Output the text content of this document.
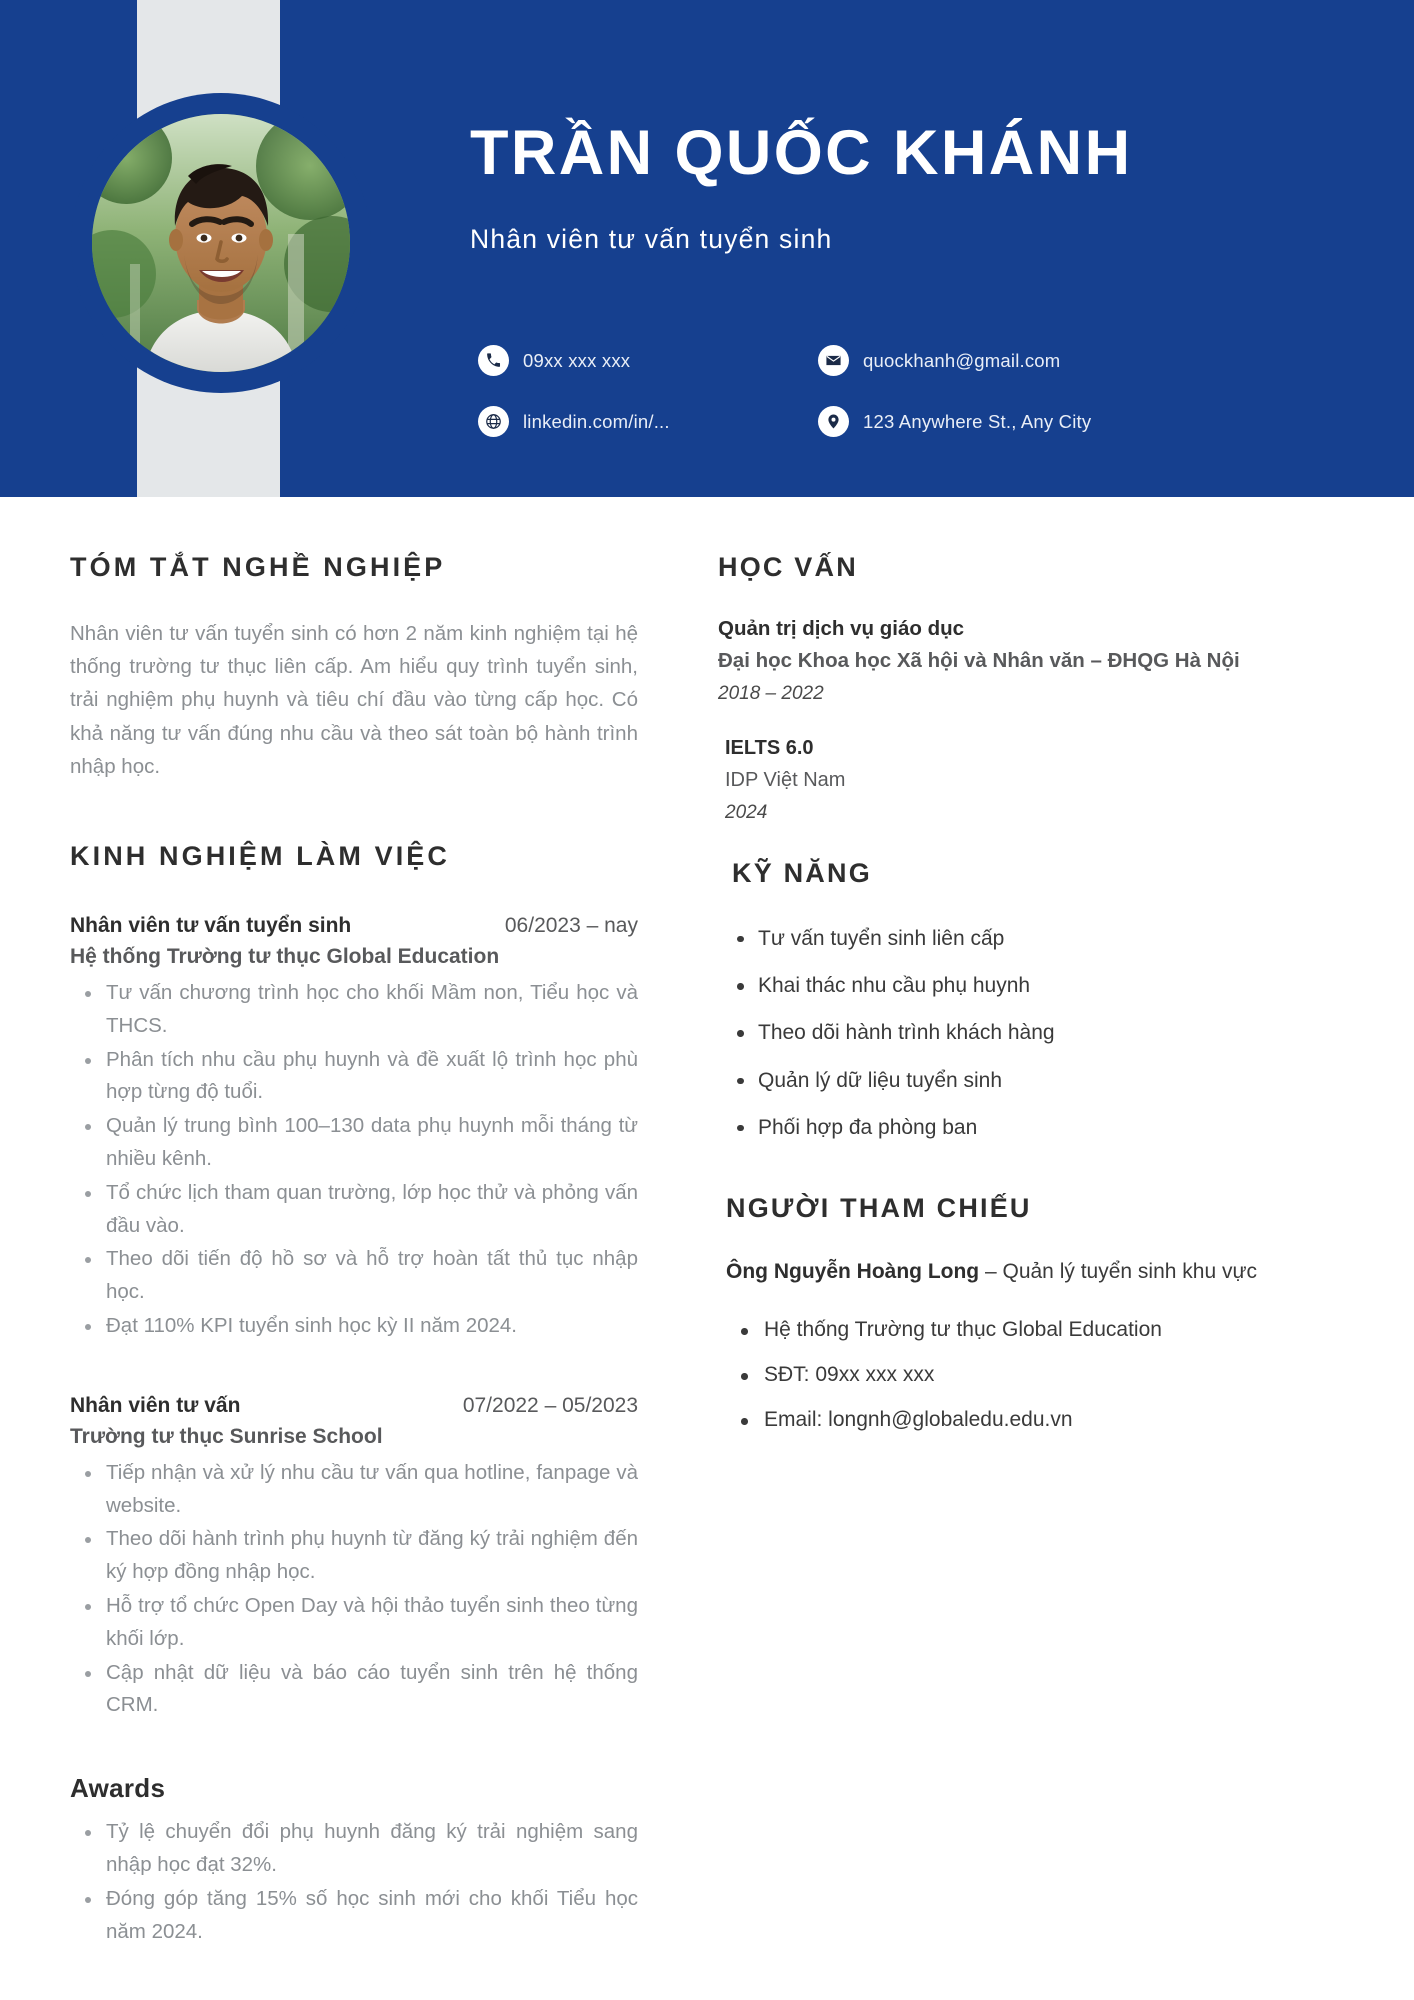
TRẦN QUỐC KHÁNH
Nhân viên tư vấn tuyển sinh
09xx xxx xxx	quockhanh@gmail.com
linkedin.com/in/...	123 Anywhere St., Any City
TÓM TẮT NGHỀ NGHIỆP
Nhân viên tư vấn tuyển sinh có hơn 2 năm kinh nghiệm tại hệ thống trường tư thục liên cấp. Am hiểu quy trình tuyển sinh, trải nghiệm phụ huynh và tiêu chí đầu vào từng cấp học. Có khả năng tư vấn đúng nhu cầu và theo sát toàn bộ hành trình nhập học.
KINH NGHIỆM LÀM VIỆC
Nhân viên tư vấn tuyển sinh	06/2023 – nay
Hệ thống Trường tư thục Global Education
Tư vấn chương trình học cho khối Mầm non, Tiểu học và THCS.
Phân tích nhu cầu phụ huynh và đề xuất lộ trình học phù hợp từng độ tuổi.
Quản lý trung bình 100–130 data phụ huynh mỗi tháng từ nhiều kênh.
Tổ chức lịch tham quan trường, lớp học thử và phỏng vấn đầu vào.
Theo dõi tiến độ hồ sơ và hỗ trợ hoàn tất thủ tục nhập học.
Đạt 110% KPI tuyển sinh học kỳ II năm 2024.
Nhân viên tư vấn	07/2022 – 05/2023
Trường tư thục Sunrise School
Tiếp nhận và xử lý nhu cầu tư vấn qua hotline, fanpage và website.
Theo dõi hành trình phụ huynh từ đăng ký trải nghiệm đến ký hợp đồng nhập học.
Hỗ trợ tổ chức Open Day và hội thảo tuyển sinh theo từng khối lớp.
Cập nhật dữ liệu và báo cáo tuyển sinh trên hệ thống CRM.
Awards
Tỷ lệ chuyển đổi phụ huynh đăng ký trải nghiệm sang nhập học đạt 32%.
Đóng góp tăng 15% số học sinh mới cho khối Tiểu học năm 2024.
HỌC VẤN
Quản trị dịch vụ giáo dục
Đại học Khoa học Xã hội và Nhân văn – ĐHQG Hà Nội
2018 – 2022
IELTS 6.0
IDP Việt Nam
2024
KỸ NĂNG
Tư vấn tuyển sinh liên cấp
Khai thác nhu cầu phụ huynh
Theo dõi hành trình khách hàng
Quản lý dữ liệu tuyển sinh
Phối hợp đa phòng ban
NGƯỜI THAM CHIẾU
Ông Nguyễn Hoàng Long – Quản lý tuyển sinh khu vực
Hệ thống Trường tư thục Global Education
SĐT: 09xx xxx xxx
Email: longnh@globaledu.edu.vn
